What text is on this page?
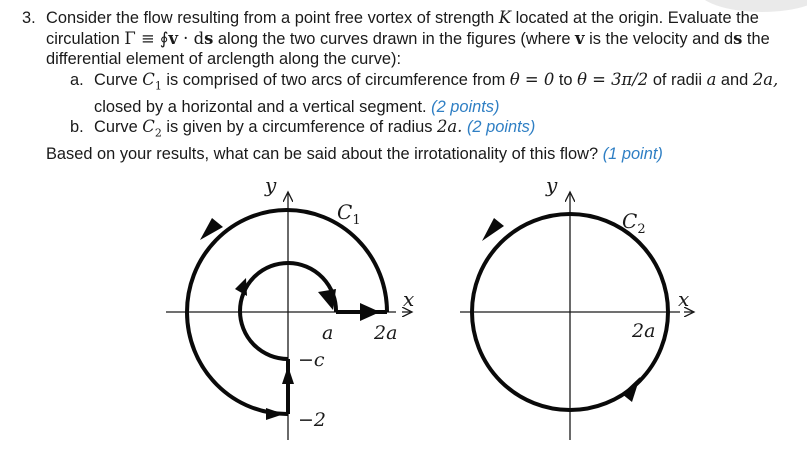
3. Consider the flow resulting from a point free vortex of strength K located at the origin. Evaluate the
circulation Γ ≡ ∮v · ds along the two curves drawn in the figures (where v is the velocity and ds the
differential element of arclength along the curve):
a. Curve $C_1$ is comprised of two arcs of circumference from θ = 0 to θ = 3π/2 of radii a and 2a,
closed by a horizontal and a vertical segment. (2 points)
b. Curve $C_2$ is given by a circumference of radius 2a. (2 points)
Based on your results, what can be said about the irrotationality of this flow? (1 point)
y
x
$C_1$
a 2a
−c
−2
y
x
$C_2$
2a
